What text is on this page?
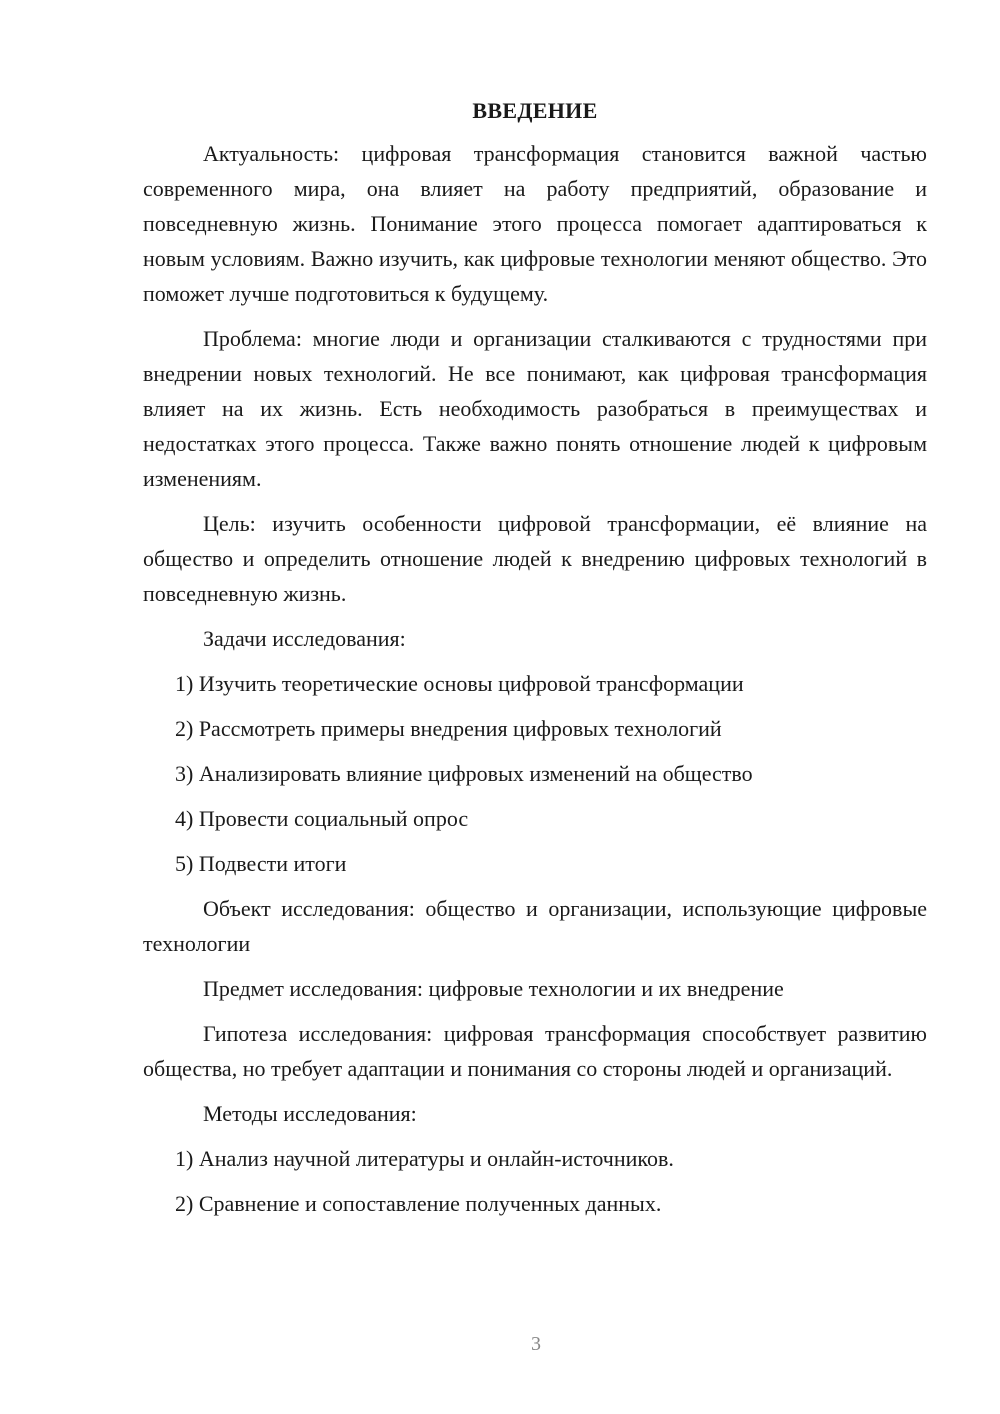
ВВЕДЕНИЕ

Актуальность: цифровая трансформация становится важной частью современного мира, она влияет на работу предприятий, образование и повседневную жизнь. Понимание этого процесса помогает адаптироваться к новым условиям. Важно изучить, как цифровые технологии меняют общество. Это поможет лучше подготовиться к будущему.

Проблема: многие люди и организации сталкиваются с трудностями при внедрении новых технологий. Не все понимают, как цифровая трансформация влияет на их жизнь. Есть необходимость разобраться в преимуществах и недостатках этого процесса. Также важно понять отношение людей к цифровым изменениям.

Цель: изучить особенности цифровой трансформации, её влияние на общество и определить отношение людей к внедрению цифровых технологий в повседневную жизнь.

Задачи исследования:

1) Изучить теоретические основы цифровой трансформации
2) Рассмотреть примеры внедрения цифровых технологий
3) Анализировать влияние цифровых изменений на общество
4) Провести социальный опрос
5) Подвести итоги

Объект исследования: общество и организации, использующие цифровые технологии

Предмет исследования: цифровые технологии и их внедрение

Гипотеза исследования: цифровая трансформация способствует развитию общества, но требует адаптации и понимания со стороны людей и организаций.

Методы исследования:

1) Анализ научной литературы и онлайн-источников.
2) Сравнение и сопоставление полученных данных.
3
